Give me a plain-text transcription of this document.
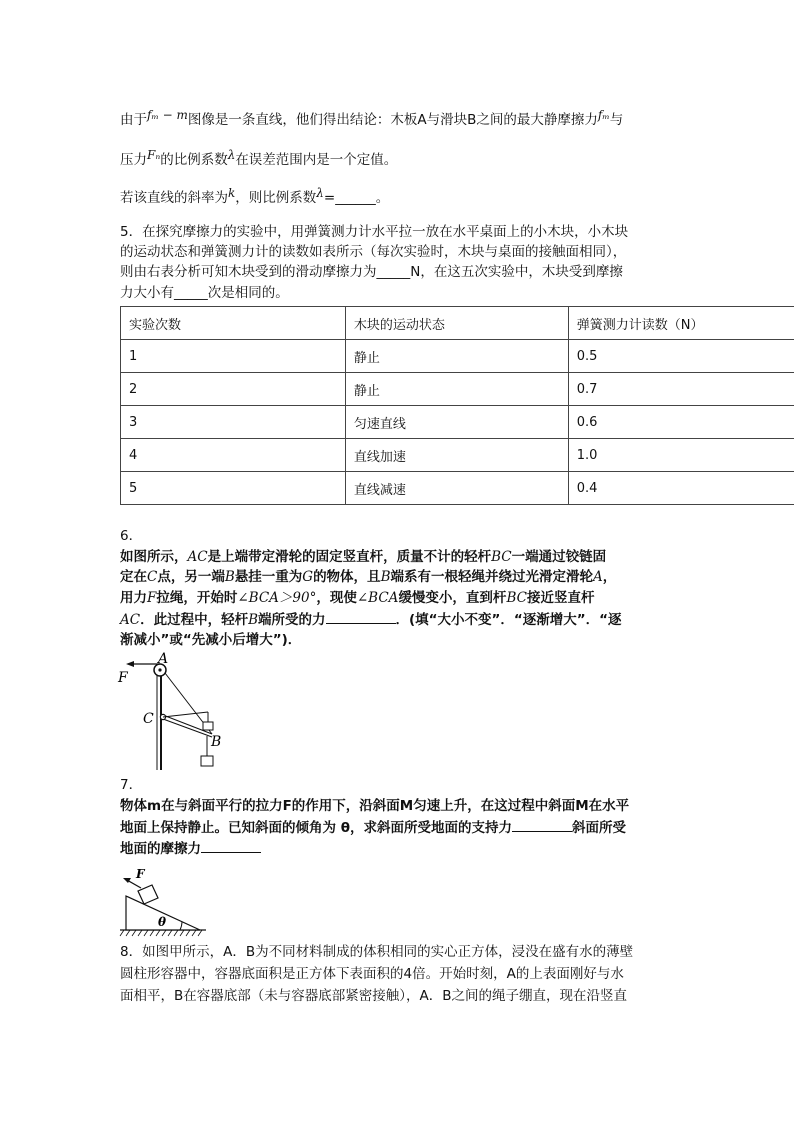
由于fₘ − m图像是一条直线，他们得出结论：木板A与滑块B之间的最大静摩擦力fₘ与
压力Fₙ的比例系数λ在误差范围内是一个定值。
若该直线的斜率为k，则比例系数λ=______。
5．在探究摩擦力的实验中，用弹簧测力计水平拉一放在水平桌面上的小木块，小木块
的运动状态和弹簧测力计的读数如表所示（每次实验时，木块与桌面的接触面相同），
则由右表分析可知木块受到的滑动摩擦力为_____N，在这五次实验中，木块受到摩擦
力大小有_____次是相同的。
实验次数	木块的运动状态	弹簧测力计读数（N）
1	静止	0.5
2	静止	0.7
3	匀速直线	0.6
4	直线加速	1.0
5	直线减速	0.4
6．
如图所示，AC是上端带定滑轮的固定竖直杆，质量不计的轻杆BC一端通过铰链固
定在C点，另一端B悬挂一重为G的物体，且B端系有一根轻绳并绕过光滑定滑轮A，
用力F拉绳，开始时∠BCA＞90°，现使∠BCA缓慢变小，直到杆BC接近竖直杆
AC．此过程中，轻杆B端所受的力	．(填“大小不变”．“逐渐增大”．“逐
渐减小”或“先减小后增大”)．
A
F
C
B
7．
物体m在与斜面平行的拉力F的作用下，沿斜面M匀速上升，在这过程中斜面M在水平
地面上保持静止。已知斜面的倾角为 θ，求斜面所受地面的支持力	斜面所受
地面的摩擦力
F
θ
8．如图甲所示，A．B为不同材料制成的体积相同的实心正方体，浸没在盛有水的薄壁
圆柱形容器中，容器底面积是正方体下表面积的4倍。开始时刻，A的上表面刚好与水
面相平，B在容器底部（未与容器底部紧密接触），A．B之间的绳子绷直，现在沿竖直
